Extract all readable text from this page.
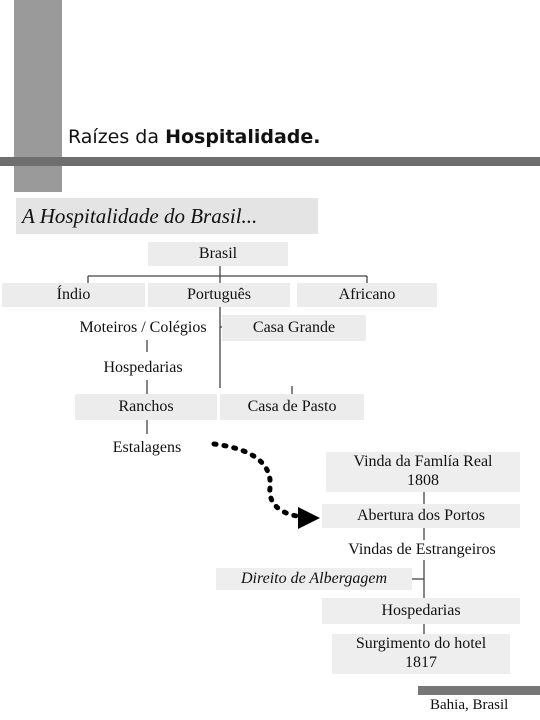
Raízes da Hospitalidade.
A Hospitalidade do Brasil...
Brasil
Índio	Português	Africano
Moteiros / Colégios	Casa Grande
Hospedarias
Ranchos	Casa de Pasto
Estalagens
Vinda da Famlía Real
1808
Abertura dos Portos
Vindas de Estrangeiros
Direito de Albergagem
Hospedarias
Surgimento do hotel
1817
Bahia, Brasil
